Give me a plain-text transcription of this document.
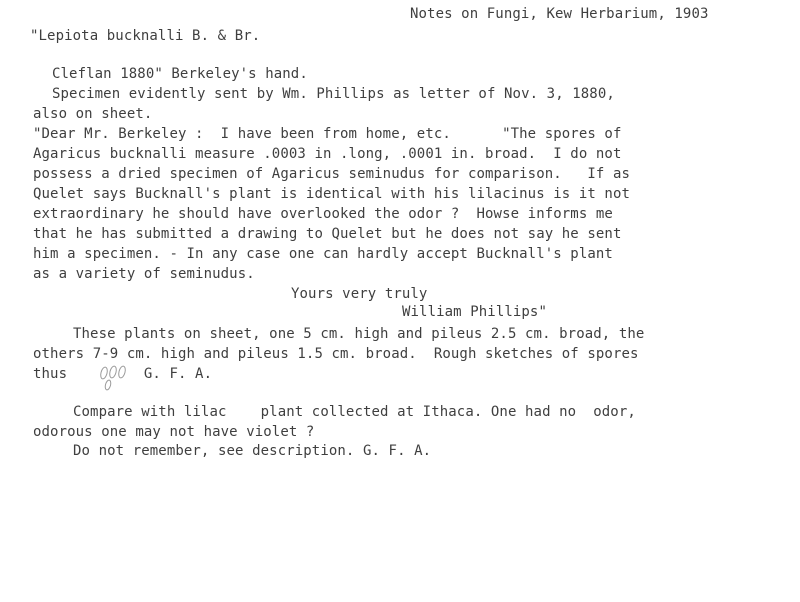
Notes on Fungi, Kew Herbarium, 1903
"Lepiota bucknalli B. & Br.
Cleflan 1880" Berkeley's hand.
Specimen evidently sent by Wm. Phillips as letter of Nov. 3, 1880,
also on sheet.
"Dear Mr. Berkeley :  I have been from home, etc.      "The spores of
Agaricus bucknalli measure .0003 in .long, .0001 in. broad.  I do not
possess a dried specimen of Agaricus seminudus for comparison.   If as
Quelet says Bucknall's plant is identical with his lilacinus is it not
extraordinary he should have overlooked the odor ?  Howse informs me
that he has submitted a drawing to Quelet but he does not say he sent
him a specimen. - In any case one can hardly accept Bucknall's plant
as a variety of seminudus.
Yours very truly
William Phillips"
These plants on sheet, one 5 cm. high and pileus 2.5 cm. broad, the
others 7-9 cm. high and pileus 1.5 cm. broad.  Rough sketches of spores
thus         G. F. A.
Compare with lilac    plant collected at Ithaca. One had no  odor,
odorous one may not have violet ?
Do not remember, see description. G. F. A.
